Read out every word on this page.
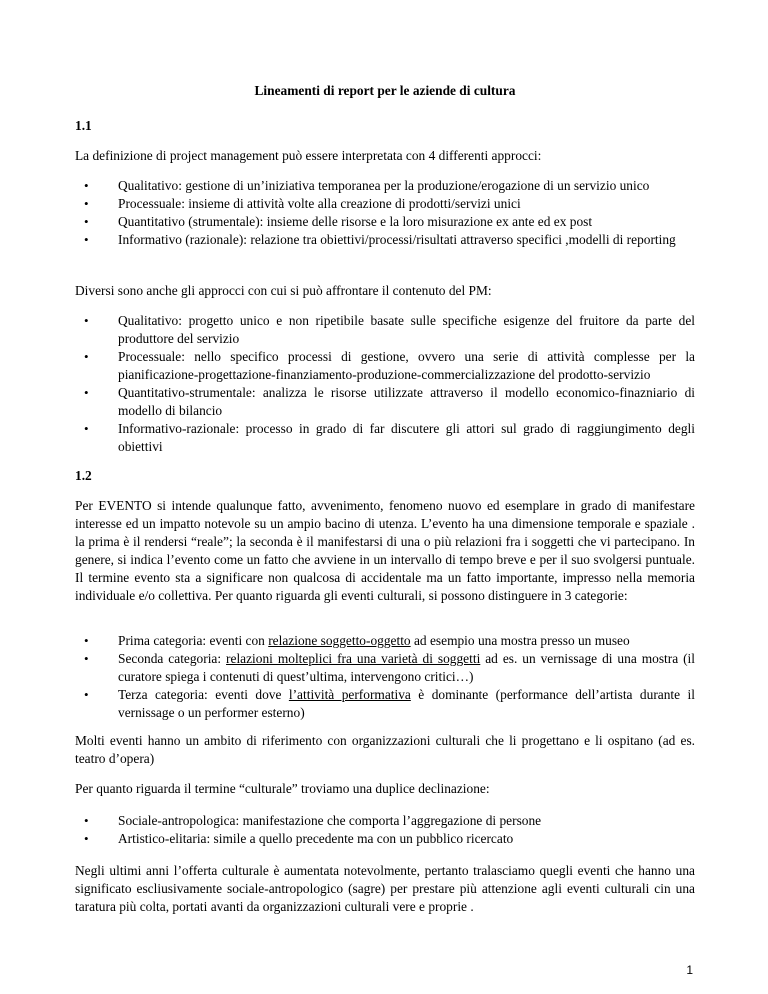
Lineamenti di report per le aziende di cultura

1.1

La definizione di project management può essere interpretata con 4 differenti approcci:

• Qualitativo: gestione di un’iniziativa temporanea per la produzione/erogazione di un servizio unico
• Processuale: insieme di attività volte alla creazione di prodotti/servizi unici
• Quantitativo (strumentale): insieme delle risorse e la loro misurazione ex ante ed ex post
• Informativo (razionale): relazione tra obiettivi/processi/risultati attraverso specifici ,modelli di reporting

Diversi sono anche gli approcci con cui si può affrontare il contenuto del PM:

• Qualitativo: progetto unico e non ripetibile basate sulle specifiche esigenze del fruitore da parte del produttore del servizio
• Processuale: nello specifico processi di gestione, ovvero una serie di attività complesse per la pianificazione-progettazione-finanziamento-produzione-commercializzazione del prodotto-servizio
• Quantitativo-strumentale: analizza le risorse utilizzate attraverso il modello economico-finazniario di modello di bilancio
• Informativo-razionale: processo in grado di far discutere gli attori sul grado di raggiungimento degli obiettivi

1.2

Per EVENTO si intende qualunque fatto, avvenimento, fenomeno nuovo ed esemplare in grado di manifestare interesse ed un impatto notevole su un ampio bacino di utenza. L’evento ha una dimensione temporale e spaziale . la prima è il rendersi “reale”; la seconda è il manifestarsi di una o più relazioni fra i soggetti che vi partecipano. In genere, si indica l’evento come un fatto che avviene in un intervallo di tempo breve e per il suo svolgersi puntuale. Il termine evento sta a significare non qualcosa di accidentale ma un fatto importante, impresso nella memoria individuale e/o collettiva. Per quanto riguarda gli eventi culturali, si possono distinguere in 3 categorie:

• Prima categoria: eventi con relazione soggetto-oggetto ad esempio una mostra presso un museo
• Seconda categoria: relazioni molteplici fra una varietà di soggetti ad es. un vernissage di una mostra (il curatore spiega i contenuti di quest’ultima, intervengono critici…)
• Terza categoria: eventi dove l’attività performativa è dominante (performance dell’artista durante il vernissage o un performer esterno)

Molti eventi hanno un ambito di riferimento con organizzazioni culturali che li progettano e li ospitano (ad es. teatro d’opera)

Per quanto riguarda il termine “culturale” troviamo una duplice declinazione:

• Sociale-antropologica: manifestazione che comporta l’aggregazione di persone
• Artistico-elitaria: simile a quello precedente ma con un pubblico ricercato

Negli ultimi anni l’offerta culturale è aumentata notevolmente, pertanto tralasciamo quegli eventi che hanno una significato escliusivamente sociale-antropologico (sagre) per prestare più attenzione agli eventi culturali cin una taratura più colta, portati avanti da organizzazioni culturali vere e proprie .

1
